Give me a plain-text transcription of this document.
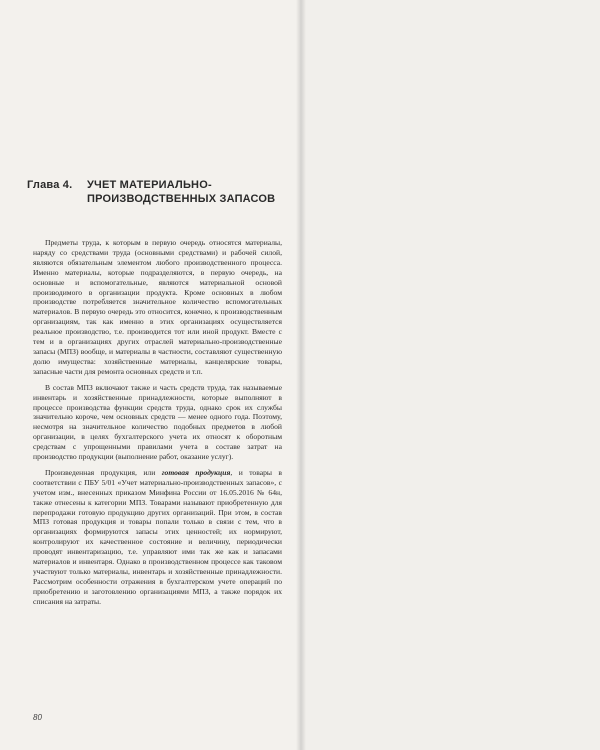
Глава 4. УЧЕТ МАТЕРИАЛЬНО-ПРОИЗВОДСТВЕННЫХ ЗАПАСОВ

Предметы труда, к которым в первую очередь относятся материалы, наряду со средствами труда (основными средствами) и рабочей силой, являются обязательным элементом любого производственного процесса. Именно материалы, которые подразделяются, в первую очередь, на основные и вспомогательные, являются материальной основой производимого в организации продукта. Кроме основных в любом производстве потребляется значительное количество вспомогательных материалов. В первую очередь это относится, конечно, к производственным организациям, так как именно в этих организациях осуществляется реальное производство, т.е. производится тот или иной продукт. Вместе с тем и в организациях других отраслей материально-производственные запасы (МПЗ) вообще, и материалы в частности, составляют существенную долю имущества: хозяйственные материалы, канцелярские товары, запасные части для ремонта основных средств и т.п.

В состав МПЗ включают также и часть средств труда, так называемые инвентарь и хозяйственные принадлежности, которые выполняют в процессе производства функции средств труда, однако срок их службы значительно короче, чем основных средств — менее одного года. Поэтому, несмотря на значительное количество подобных предметов в любой организации, в целях бухгалтерского учета их относят к оборотным средствам с упрощенными правилами учета в составе затрат на производство продукции (выполнение работ, оказание услуг).

Произведенная продукция, или готовая продукция, и товары в соответствии с ПБУ 5/01 «Учет материально-производственных запасов», с учетом изм., внесенных приказом Минфина России от 16.05.2016 № 64н, также отнесены к категории МПЗ. Товарами называют приобретенную для перепродажи готовую продукцию других организаций. При этом, в состав МПЗ готовая продукция и товары попали только в связи с тем, что в организациях формируются запасы этих ценностей; их нормируют, контролируют их качественное состояние и величину, периодически проводят инвентаризацию, т.е. управляют ими так же как и запасами материалов и инвентаря. Однако в производственном процессе как таковом участвуют только материалы, инвентарь и хозяйственные принадлежности. Рассмотрим особенности отражения в бухгалтерском учете операций по приобретению и заготовлению организациями МПЗ, а также порядок их списания на затраты.

80
